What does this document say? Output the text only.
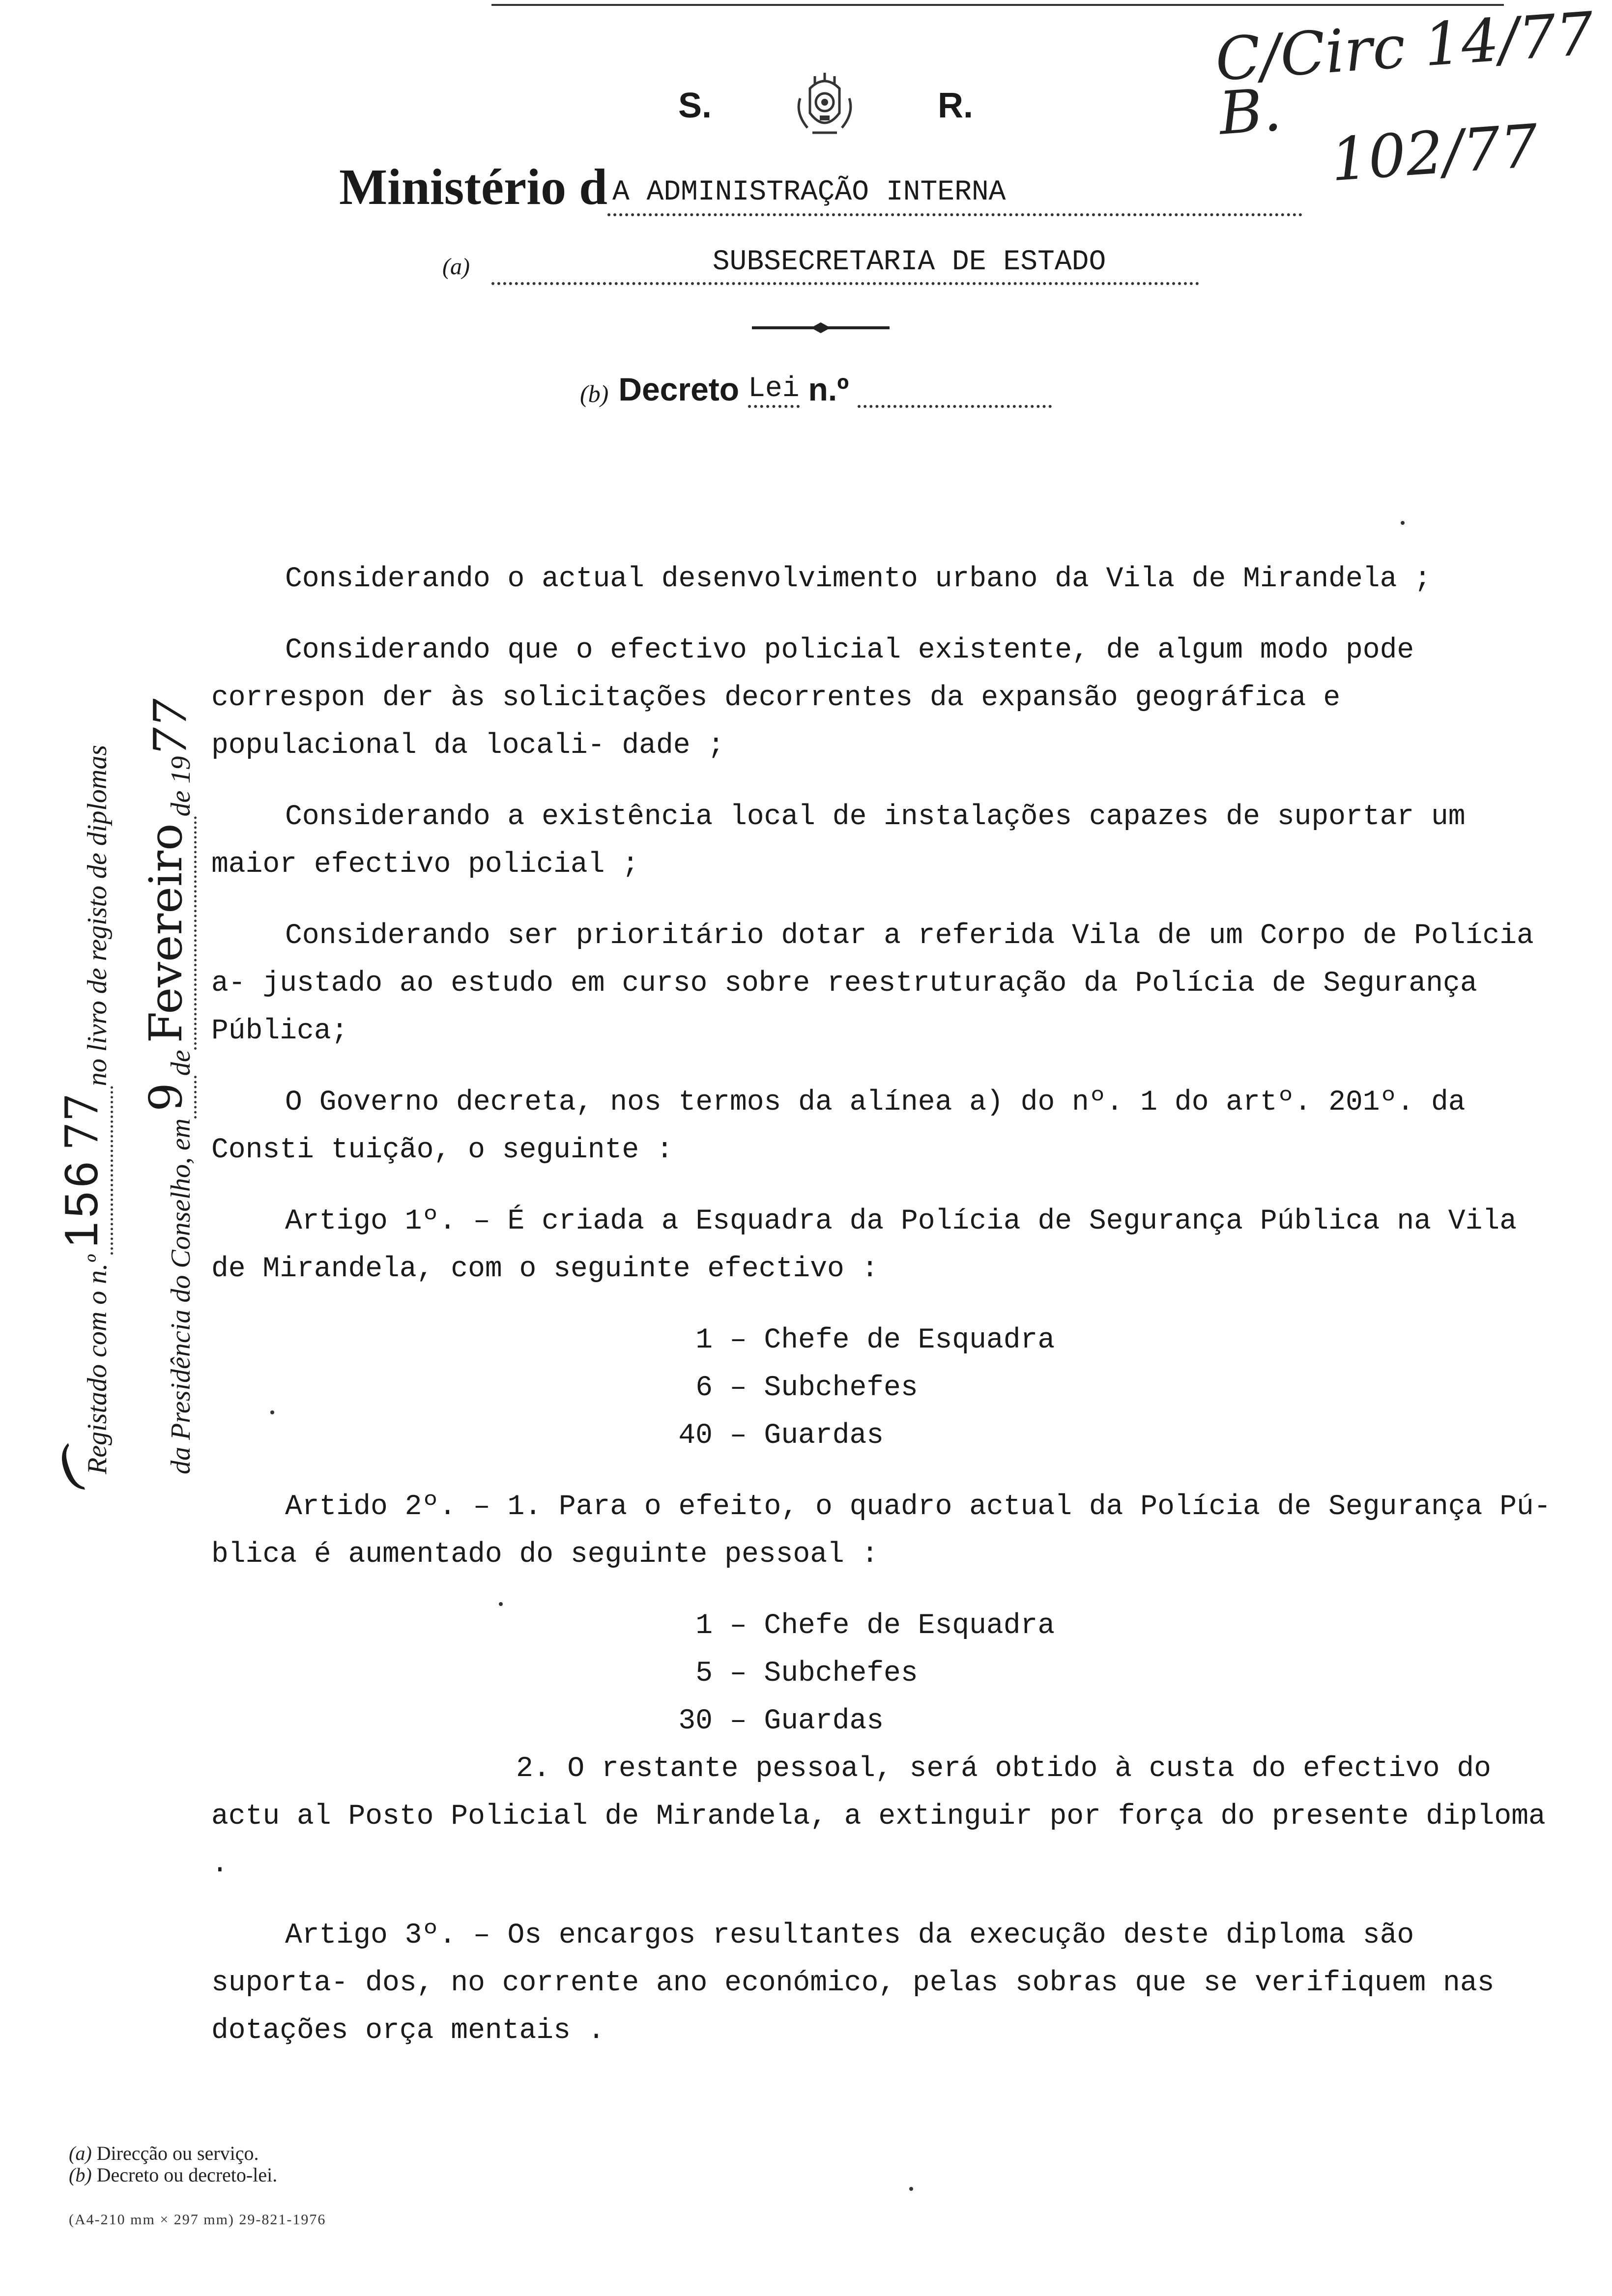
C/Circ 14/77 B.
102/77
S.	R.
Ministério d A ADMINISTRAÇÃO INTERNA
(a)	SUBSECRETARIA DE ESTADO
(b) Decreto Lei n.º
(
Registado com o n.º
156 77
no livro de registo de diplomas
da Presidência do Conselho, em
9
de
Fevereiro
de 19
77

Considerando o actual desenvolvimento urbano da Vila de Mirandela ;

Considerando que o efectivo policial existente, de algum modo pode correspon der às solicitações decorrentes da expansão geográfica e populacional da locali- dade ;

Considerando a existência local de instalações capazes de suportar um maior efectivo policial ;

Considerando ser prioritário dotar a referida Vila de um Corpo de Polícia a- justado ao estudo em curso sobre reestruturação da Polícia de Segurança Pública;

O Governo decreta, nos termos da alínea a) do nº. 1 do artº. 201º. da Consti tuição, o seguinte :

Artigo 1º. – É criada a Esquadra da Polícia de Segurança Pública na Vila de Mirandela, com o seguinte efectivo :

1 – Chefe de Esquadra
6 – Subchefes
40 – Guardas

Artido 2º. – 1. Para o efeito, o quadro actual da Polícia de Segurança Pú- blica é aumentado do seguinte pessoal :

1 – Chefe de Esquadra
5 – Subchefes
30 – Guardas

2. O restante pessoal, será obtido à custa do efectivo do actu al Posto Policial de Mirandela, a extinguir por força do presente diploma .

Artigo 3º. – Os encargos resultantes da execução deste diploma são suporta- dos, no corrente ano económico, pelas sobras que se verifiquem nas dotações orça mentais .

(a) Direcção ou serviço.
(b) Decreto ou decreto-lei.
(A4-210 mm × 297 mm) 29-821-1976
